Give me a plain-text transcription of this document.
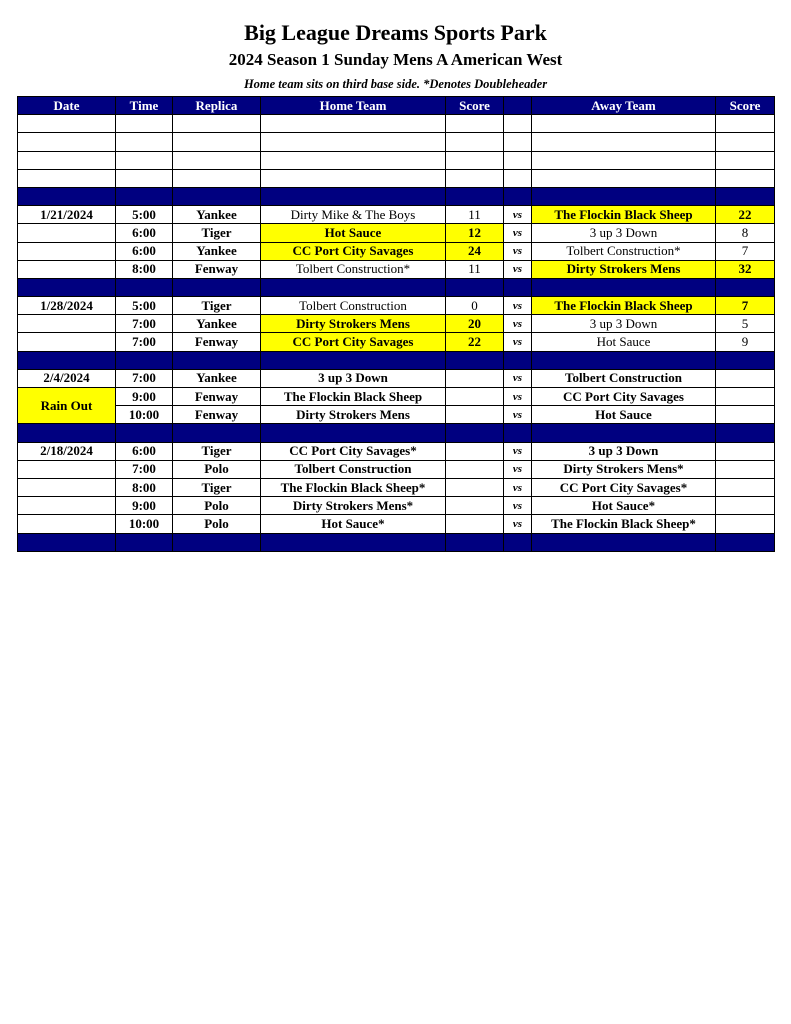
Big League Dreams Sports Park
2024 Season 1 Sunday Mens A American West
Home team sits on third base side. *Denotes Doubleheader
Date	Time	Replica	Home Team	Score		Away Team	Score

1/21/2024	5:00	Yankee	Dirty Mike & The Boys	11	vs	The Flockin Black Sheep	22
	6:00	Tiger	Hot Sauce	12	vs	3 up 3 Down	8
	6:00	Yankee	CC Port City Savages	24	vs	Tolbert Construction*	7
	8:00	Fenway	Tolbert Construction*	11	vs	Dirty Strokers Mens	32

1/28/2024	5:00	Tiger	Tolbert Construction	0	vs	The Flockin Black Sheep	7
	7:00	Yankee	Dirty Strokers Mens	20	vs	3 up 3 Down	5
	7:00	Fenway	CC Port City Savages	22	vs	Hot Sauce	9

2/4/2024	7:00	Yankee	3 up 3 Down		vs	Tolbert Construction	
Rain Out	9:00	Fenway	The Flockin Black Sheep		vs	CC Port City Savages	
	10:00	Fenway	Dirty Strokers Mens		vs	Hot Sauce	

2/18/2024	6:00	Tiger	CC Port City Savages*		vs	3 up 3 Down	
	7:00	Polo	Tolbert Construction		vs	Dirty Strokers Mens*	
	8:00	Tiger	The Flockin Black Sheep*		vs	CC Port City Savages*	
	9:00	Polo	Dirty Strokers Mens*		vs	Hot Sauce*	
	10:00	Polo	Hot Sauce*		vs	The Flockin Black Sheep*	
